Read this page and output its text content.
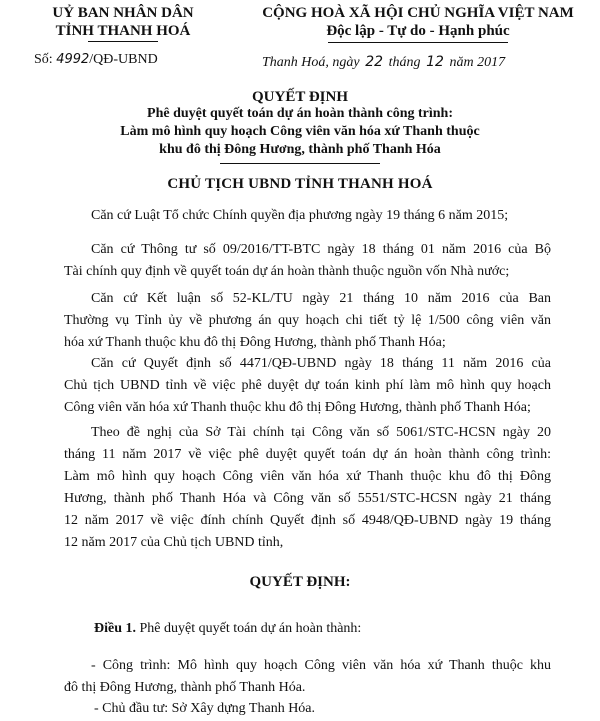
UỶ BAN NHÂN DÂN
TỈNH THANH HOÁ
Số: 4992/QĐ-UBND
CỘNG HOÀ XÃ HỘI CHỦ NGHĨA VIỆT NAM
Độc lập - Tự do - Hạnh phúc
Thanh Hoá, ngày 22 tháng 12 năm 2017
QUYẾT ĐỊNH
Phê duyệt quyết toán dự án hoàn thành công trình:
Làm mô hình quy hoạch Công viên văn hóa xứ Thanh thuộc
khu đô thị Đông Hương, thành phố Thanh Hóa
CHỦ TỊCH UBND TỈNH THANH HOÁ
Căn cứ Luật Tổ chức Chính quyền địa phương ngày 19 tháng 6 năm 2015;
Căn cứ Thông tư số 09/2016/TT-BTC ngày 18 tháng 01 năm 2016 của Bộ
Tài chính quy định về quyết toán dự án hoàn thành thuộc nguồn vốn Nhà nước;
Căn cứ Kết luận số 52-KL/TU ngày 21 tháng 10 năm 2016 của Ban
Thường vụ Tỉnh ủy về phương án quy hoạch chi tiết tỷ lệ 1/500 công viên văn
hóa xứ Thanh thuộc khu đô thị Đông Hương, thành phố Thanh Hóa;
Căn cứ Quyết định số 4471/QĐ-UBND ngày 18 tháng 11 năm 2016 của
Chủ tịch UBND tỉnh về việc phê duyệt dự toán kinh phí làm mô hình quy hoạch
Công viên văn hóa xứ Thanh thuộc khu đô thị Đông Hương, thành phố Thanh Hóa;
Theo đề nghị của Sở Tài chính tại Công văn số 5061/STC-HCSN ngày 20
tháng 11 năm 2017 về việc phê duyệt quyết toán dự án hoàn thành công trình:
Làm mô hình quy hoạch Công viên văn hóa xứ Thanh thuộc khu đô thị Đông
Hương, thành phố Thanh Hóa và Công văn số 5551/STC-HCSN ngày 21 tháng
12 năm 2017 về việc đính chính Quyết định số 4948/QĐ-UBND ngày 19 tháng
12 năm 2017 của Chủ tịch UBND tỉnh,
QUYẾT ĐỊNH:
Điều 1. Phê duyệt quyết toán dự án hoàn thành:
- Công trình: Mô hình quy hoạch Công viên văn hóa xứ Thanh thuộc khu
đô thị Đông Hương, thành phố Thanh Hóa.
- Chủ đầu tư: Sở Xây dựng Thanh Hóa.
